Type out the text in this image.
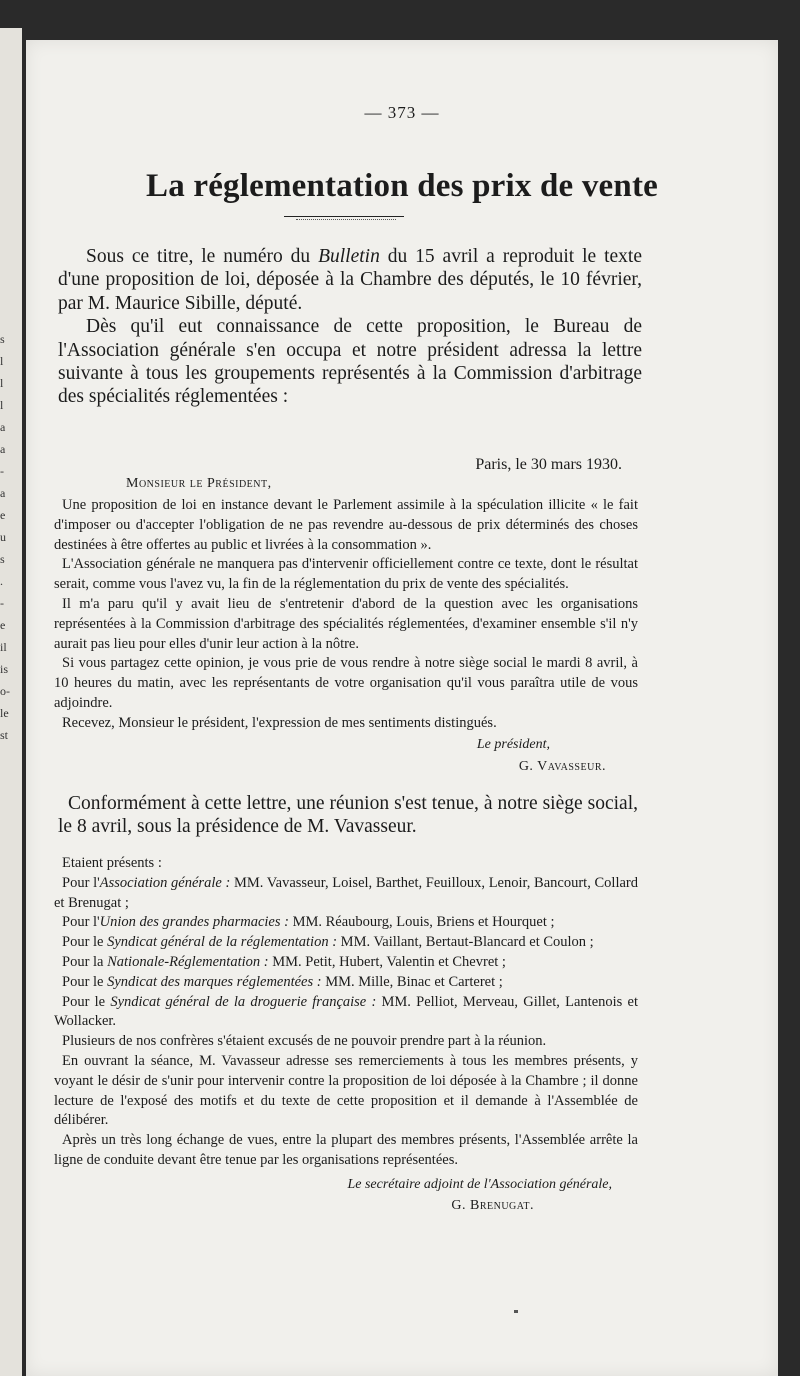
s
l
l
l
a
a
-
a
e
u
s
.
-
e
il
is
o-
le
st
— 373 —
La réglementation des prix de vente

Sous ce titre, le numéro du Bulletin du 15 avril a reproduit le texte d'une proposition de loi, déposée à la Chambre des députés, le 10 février, par M. Maurice Sibille, député.

Dès qu'il eut connaissance de cette proposition, le Bureau de l'Association générale s'en occupa et notre président adressa la lettre suivante à tous les groupements représentés à la Commission d'arbitrage des spécialités réglementées :

Paris, le 30 mars 1930.
Monsieur le Président,

Une proposition de loi en instance devant le Parlement assimile à la spéculation illicite « le fait d'imposer ou d'accepter l'obligation de ne pas revendre au-dessous de prix déterminés des choses destinées à être offertes au public et livrées à la consommation ».

L'Association générale ne manquera pas d'intervenir officiellement contre ce texte, dont le résultat serait, comme vous l'avez vu, la fin de la réglementation du prix de vente des spécialités.

Il m'a paru qu'il y avait lieu de s'entretenir d'abord de la question avec les organisations représentées à la Commission d'arbitrage des spécialités réglementées, d'examiner ensemble s'il n'y aurait pas lieu pour elles d'unir leur action à la nôtre.

Si vous partagez cette opinion, je vous prie de vous rendre à notre siège social le mardi 8 avril, à 10 heures du matin, avec les représentants de votre organisation qu'il vous paraîtra utile de vous adjoindre.

Recevez, Monsieur le président, l'expression de mes sentiments distingués.

Le président,
G. Vavasseur.

Conformément à cette lettre, une réunion s'est tenue, à notre siège social, le 8 avril, sous la présidence de M. Vavasseur.

Etaient présents :

Pour l'Association générale : MM. Vavasseur, Loisel, Barthet, Feuilloux, Lenoir, Bancourt, Collard et Brenugat ;

Pour l'Union des grandes pharmacies : MM. Réaubourg, Louis, Briens et Hourquet ;

Pour le Syndicat général de la réglementation : MM. Vaillant, Bertaut-Blancard et Coulon ;

Pour la Nationale-Réglementation : MM. Petit, Hubert, Valentin et Chevret ;

Pour le Syndicat des marques réglementées : MM. Mille, Binac et Carteret ;

Pour le Syndicat général de la droguerie française : MM. Pelliot, Merveau, Gillet, Lantenois et Wollacker.

Plusieurs de nos confrères s'étaient excusés de ne pouvoir prendre part à la réunion.

En ouvrant la séance, M. Vavasseur adresse ses remerciements à tous les membres présents, y voyant le désir de s'unir pour intervenir contre la proposition de loi déposée à la Chambre ; il donne lecture de l'exposé des motifs et du texte de cette proposition et il demande à l'Assemblée de délibérer.

Après un très long échange de vues, entre la plupart des membres présents, l'Assemblée arrête la ligne de conduite devant être tenue par les organisations représentées.

Le secrétaire adjoint de l'Association générale,
G. Brenugat.
